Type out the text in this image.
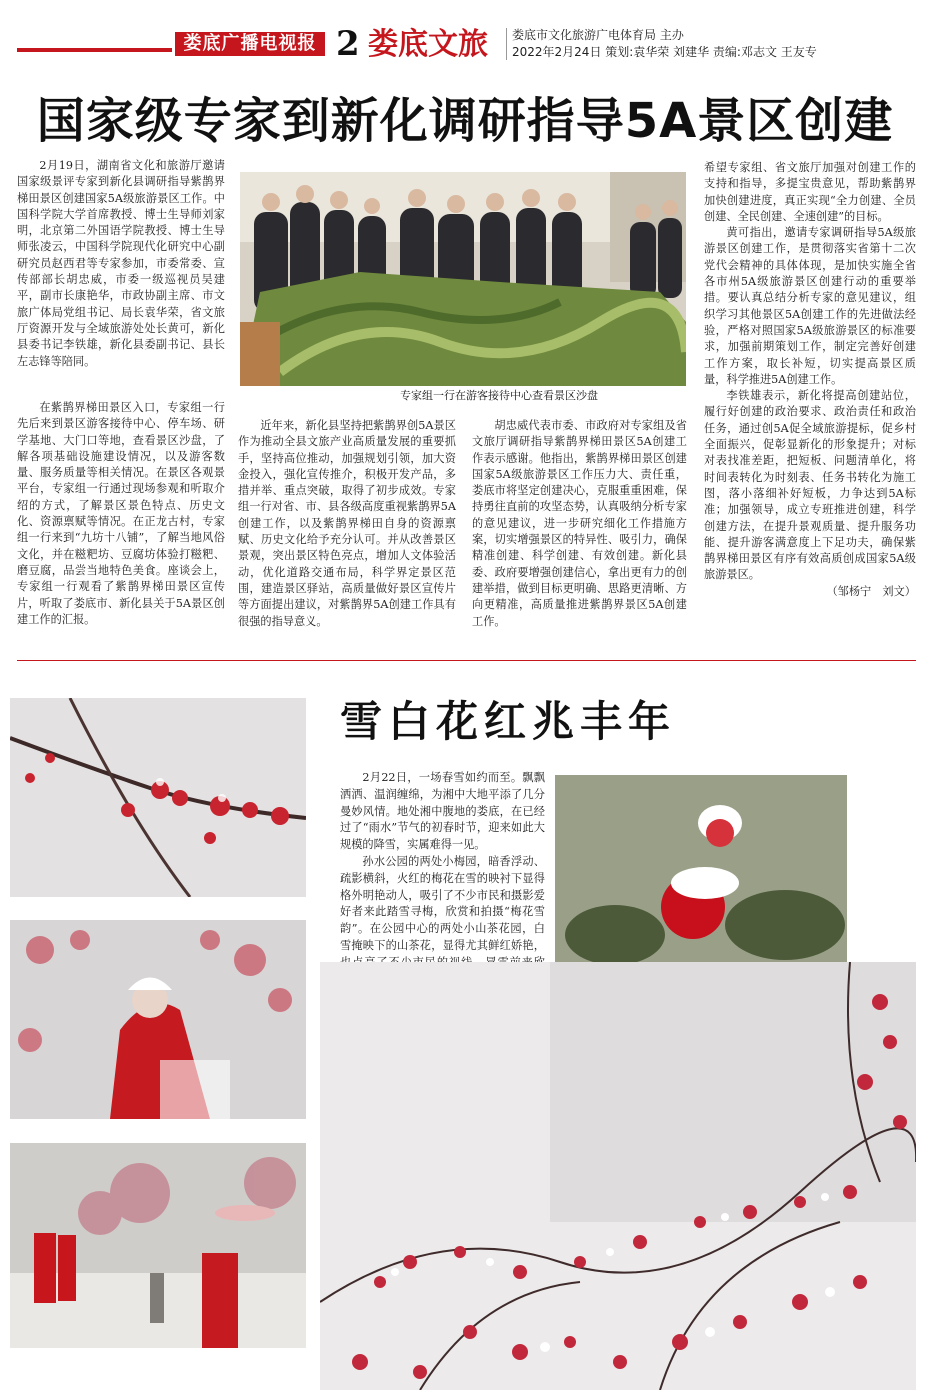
娄底广播电视报 2 娄底文旅 娄底市文化旅游广电体育局 主办
2022年2月24日 策划:袁华荣 刘建华 责编:邓志文 王友专
国家级专家到新化调研指导5A景区创建

2月19日，湖南省文化和旅游厅邀请国家级景评专家到新化县调研指导紫鹊界梯田景区创建国家5A级旅游景区工作。中国科学院大学首席教授、博士生导师刘家明，北京第二外国语学院教授、博士生导师张凌云，中国科学院现代化研究中心副研究员赵西君等专家参加，市委常委、宣传部部长胡忠威，市委一级巡视员吴建平，副市长康艳华，市政协副主席、市文旅广体局党组书记、局长袁华荣，省文旅厅资源开发与全域旅游处处长黄可，新化县委书记李铁雄，新化县委副书记、县长左志锋等陪同。

在紫鹊界梯田景区入口，专家组一行先后来到景区游客接待中心、停车场、研学基地、大门口等地，查看景区沙盘，了解各项基础设施建设情况，以及游客数量、服务质量等相关情况。在景区各观景平台，专家组一行通过现场参观和听取介绍的方式，了解景区景色特点、历史文化、资源禀赋等情况。在正龙古村，专家组一行来到“九坊十八铺”，了解当地风俗文化，并在糍粑坊、豆腐坊体验打糍粑、磨豆腐，品尝当地特色美食。座谈会上，专家组一行观看了紫鹊界梯田景区宣传片，听取了娄底市、新化县关于5A景区创建工作的汇报。

专家组一行在游客接待中心查看景区沙盘

近年来，新化县坚持把紫鹊界创5A景区作为推动全县文旅产业高质量发展的重要抓手，坚持高位推动，加强规划引领，加大资金投入，强化宣传推介，积极开发产品，多措并举、重点突破，取得了初步成效。专家组一行对省、市、县各级高度重视紫鹊界5A创建工作，以及紫鹊界梯田自身的资源禀赋、历史文化给予充分认可。并从改善景区景观，突出景区特色亮点，增加人文体验活动，优化道路交通布局，科学界定景区范围，建造景区驿站，高质量做好景区宣传片等方面提出建议，对紫鹊界5A创建工作具有很强的指导意义。

胡忠威代表市委、市政府对专家组及省文旅厅调研指导紫鹊界梯田景区5A创建工作表示感谢。他指出，紫鹊界梯田景区创建国家5A级旅游景区工作压力大、责任重，娄底市将坚定创建决心，克服重重困难，保持勇往直前的攻坚态势，认真吸纳分析专家的意见建议，进一步研究细化工作措施方案，切实增强景区的特异性、吸引力，确保精准创建、科学创建、有效创建。新化县委、政府要增强创建信心，拿出更有力的创建举措，做到目标更明确、思路更清晰、方向更精准，高质量推进紫鹊界景区5A创建工作。

希望专家组、省文旅厅加强对创建工作的支持和指导，多提宝贵意见，帮助紫鹊界加快创建进度，真正实现“全力创建、全员创建、全民创建、全速创建”的目标。

黄可指出，邀请专家调研指导5A级旅游景区创建工作，是贯彻落实省第十二次党代会精神的具体体现，是加快实施全省各市州5A级旅游景区创建行动的重要举措。要认真总结分析专家的意见建议，组织学习其他景区5A创建工作的先进做法经验，严格对照国家5A级旅游景区的标准要求，加强前期策划工作，制定完善好创建工作方案，取长补短，切实提高景区质量，科学推进5A创建工作。

李铁雄表示，新化将提高创建站位，履行好创建的政治要求、政治责任和政治任务，通过创5A促全域旅游提标，促乡村全面振兴，促彰显新化的形象提升；对标对表找准差距，把短板、问题清单化，将时间表转化为时刻表、任务书转化为施工图，落小落细补好短板，力争达到5A标准；加强领导，成立专班推进创建，科学创建方法，在提升景观质量、提升服务功能、提升游客满意度上下足功夫，确保紫鹊界梯田景区有序有效高质创成国家5A级旅游景区。

（邹杨宁　刘文）

雪白花红兆丰年

2月22日，一场春雪如约而至。飘飘洒洒、温润缠绵，为湘中大地平添了几分曼妙风情。地处湘中腹地的娄底，在已经过了“雨水”节气的初春时节，迎来如此大规模的降雪，实属难得一见。

孙水公园的两处小梅园，暗香浮动、疏影横斜，火红的梅花在雪的映衬下显得格外明艳动人，吸引了不少市民和摄影爱好者来此踏雪寻梅，欣赏和拍摄“梅花雪韵”。在公园中心的两处小山茶花园，白雪掩映下的山茶花，显得尤其鲜红娇艳，
